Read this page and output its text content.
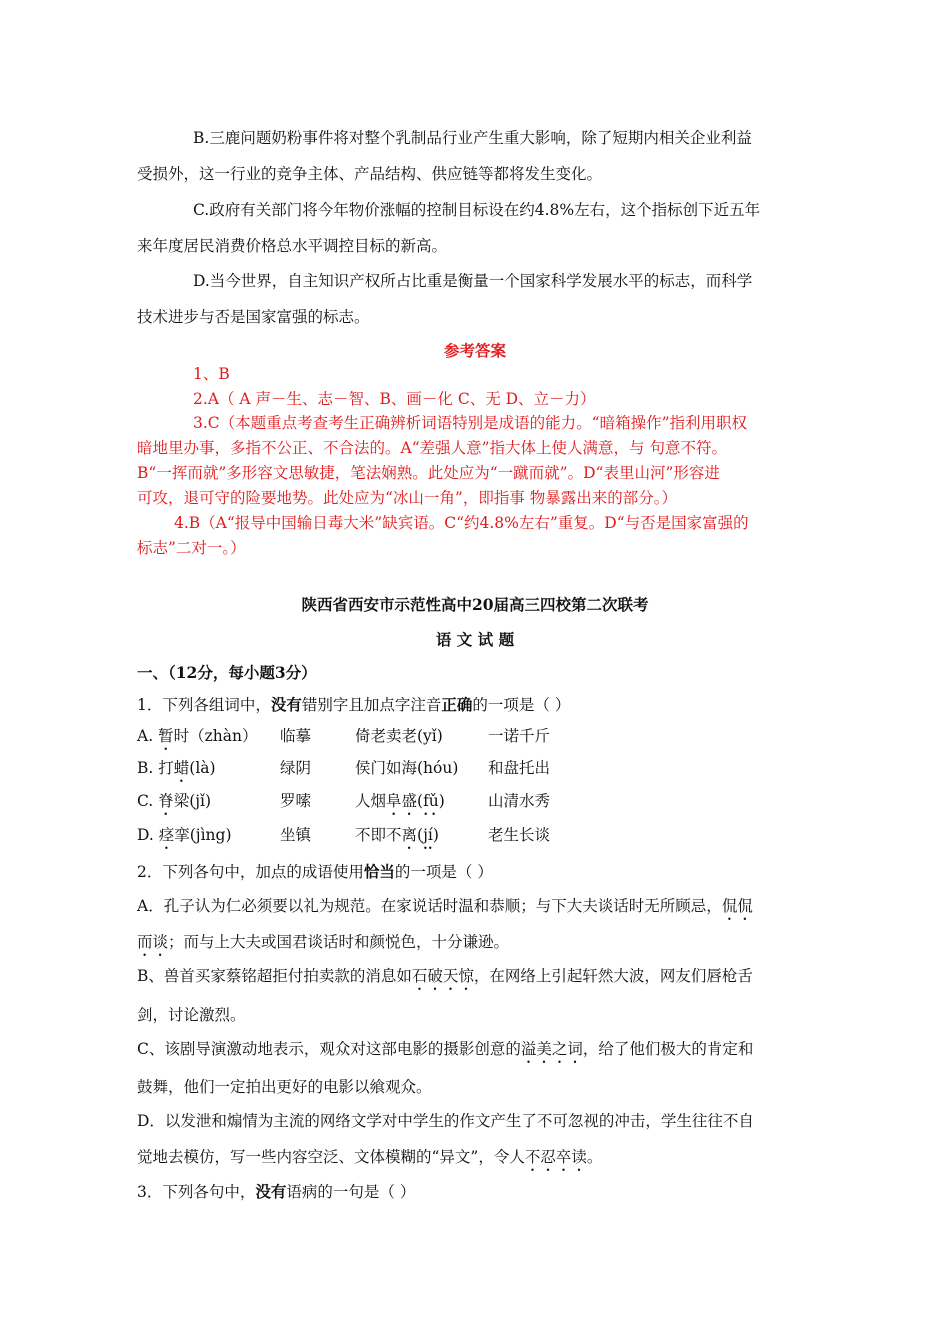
B.三鹿问题奶粉事件将对整个乳制品行业产生重大影响，除了短期内相关企业利益
受损外，这一行业的竞争主体、产品结构、供应链等都将发生变化。
C.政府有关部门将今年物价涨幅的控制目标设在约4.8%左右，这个指标创下近五年
来年度居民消费价格总水平调控目标的新高。
D.当今世界，自主知识产权所占比重是衡量一个国家科学发展水平的标志，而科学
技术进步与否是国家富强的标志。
参考答案
1、B
2.A（ A 声－生、志－智、B、画－化 C、无 D、立－力）
3.C（本题重点考查考生正确辨析词语特别是成语的能力。“暗箱操作”指利用职权
暗地里办事，多指不公正、不合法的。A“差强人意”指大体上使人满意，与 句意不符。
B“一挥而就”多形容文思敏捷，笔法娴熟。此处应为“一蹴而就”。D“表里山河”形容进
可攻，退可守的险要地势。此处应为“冰山一角”，即指事 物暴露出来的部分。）
4.B（A“报导中国输日毒大米”缺宾语。C“约4.8%左右”重复。D“与否是国家富强的
标志”二对一。）
陕西省西安市示范性高中20届高三四校第二次联考
语 文 试 题
一、（12分，每小题3分）
1．下列各组词中，没有错别字且加点字注音正确的一项是（ ）
A. 暂时（zhàn） 临摹	倚老卖老(yǐ)	一诺千斤
B. 打蜡(là)	绿阴	侯门如海(hóu) 和盘托出
C. 脊梁(jǐ)	罗嗦	人烟阜盛(fǔ)	山清水秀
D. 痉挛(jìng)	坐镇	不即不离(jí)	老生长谈
2．下列各句中，加点的成语使用恰当的一项是（ ）
A．孔子认为仁必须要以礼为规范。在家说话时温和恭顺；与下大夫谈话时无所顾忌，侃侃
而谈；而与上大夫或国君谈话时和颜悦色，十分谦逊。
B、兽首买家蔡铭超拒付拍卖款的消息如石破天惊，在网络上引起轩然大波，网友们唇枪舌
剑，讨论激烈。
C、该剧导演激动地表示，观众对这部电影的摄影创意的溢美之词，给了他们极大的肯定和
鼓舞，他们一定拍出更好的电影以飨观众。
D．以发泄和煽情为主流的网络文学对中学生的作文产生了不可忽视的冲击，学生往往不自
觉地去模仿，写一些内容空泛、文体模糊的“异文”，令人不忍卒读。
3．下列各句中，没有语病的一句是（ ）
